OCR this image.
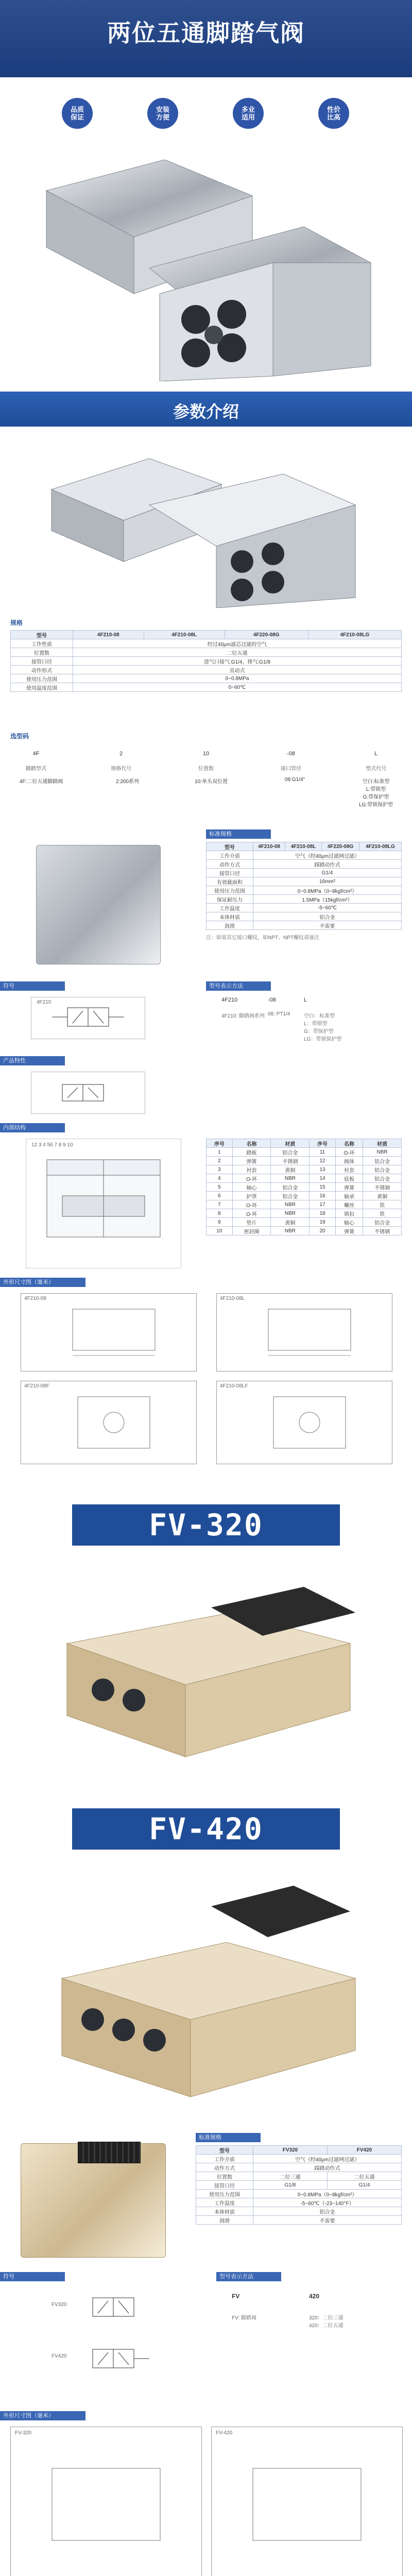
两位五通脚踏气阀
品质
保证
安装
方便
多业
适用
性价
比高
参数介绍
规格
型号	4F210-08	4F210-08L	4F220-08G	4F210-08LG
工作性质	经过40μm滤芯过滤的空气			
位置数	二位五通			
接管口径	进气口接气:G1/4，排气:G1/8			
动作形式	直动式			
使用压力范围	0~0.8MPa			
使用温度范围	0~60℃			
选型码
4F	2	10	-08	L
脚踏型式	规格代号	位置数	接口管径	型式代号
4F:二位五通脚踏阀	2:200系列	10:单头双位置	08:G1/4"	空白:标准型
L:带锁型
G:带保护型
LG:带锁保护型
标准规格
型号	4F210-08	4F210-08L	4F220-08G	4F210-08LG
工作介质	空气（经40μm过滤网过滤）			
动作方式	踩踏动作式			
接管口径	G1/4			
有效截面积	16mm²			
使用压力范围	0~0.8MPa（0~8kgf/cm²）			
保证耐压力	1.5MPa（15kgf/cm²）			
工作温度	-5~60℃			
本体材质	铝合金			
润滑	不需要			
注：如需其它接口螺纹，如NPT、NPT螺纹请备注
符号
4F210
型号表示方法
4F210	-08	L
4F210: 脚踏阀系列 08: PT1/4	空白：标准型
L：带锁型
G：带保护型
LG：带锁保护型
产品特性
内部结构
12 3 4 56 7 8 9 10	序号	名称	材质	序号	名称	材质
1	踏板	铝合金	11	O-环	NBR
2	弹簧	不锈钢	12	阀体	铝合金
3	衬套	黄铜	13	衬套	铝合金
4	O-环	NBR	14	底板	铝合金
5	轴心	铝合金	15	弹簧	不锈钢
6	护罩	铝合金	16	轴承	黄铜
7	O-环	NBR	17	螺丝	铁
8	O-环	NBR	18	锁扣	铁
9	垫片	黄铜	19	轴心	铝合金
10	密封圈	NBR	20	弹簧	不锈钢
外形尺寸图（毫米）
4F210-08	4F210-08L
4F210-08F	4F210-08LF
FV-320
FV-420
标准规格
型号	FV320	FV420
工作介质	空气（经40μm过滤网过滤）	
动作方式	踩踏动作式	
位置数	二位三通	二位五通
接管口径	G1/8	G1/4
使用压力范围	0~0.8MPa（0~8kgf/cm²）	
工作温度	-5~60℃（-23~140°F）	
本体材质	铝合金	
润滑	不需要	
符号
FV320
FV420
型号表示方法
FV	420
FV: 脚踏阀	320：二位三通
420：二位五通
外形尺寸图（毫米）
FV-320	FV-420
